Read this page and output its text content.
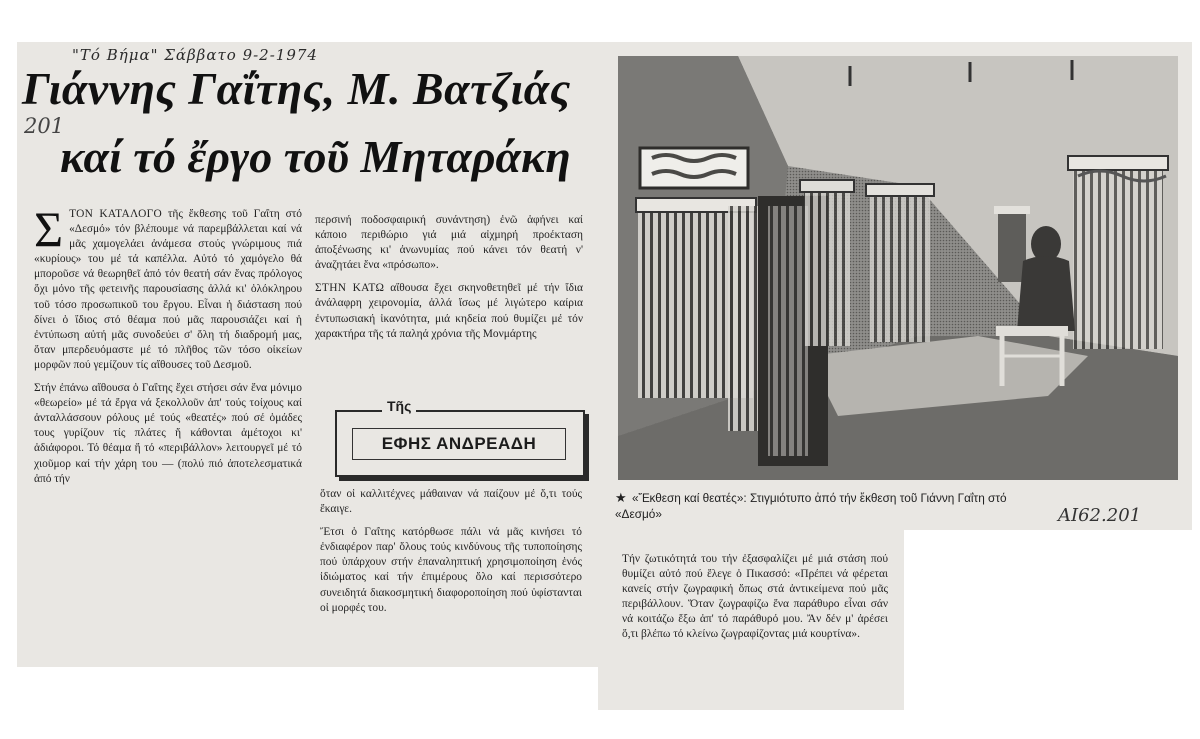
"Τό Βήμα" Σάββατο 9-2-1974
201
ΑΙ62.201
Γιάννης Γαΐτης, Μ. Βατζιάς
καί τό ἔργο τοῦ Μηταράκη

ΣΤΟΝ ΚΑΤΑΛΟΓΟ τῆς ἔκθεσης τοῦ Γαΐτη στό «Δεσμό» τόν βλέπουμε νά παρεμβάλλεται καί νά μᾶς χαμογελάει ἀνάμεσα στούς γνώριμους πιά «κυρίους» του μέ τά καπέλλα. Αὐτό τό χαμόγελο θά μποροῦσε νά θεωρηθεῖ ἀπό τόν θεατή σάν ἕνας πρόλογος ὄχι μόνο τῆς φετεινῆς παρουσίασης ἀλλά κι' ὁλόκληρου τοῦ τόσο προσωπικοῦ του ἔργου. Εἶναι ἡ διάσταση πού δίνει ὁ ἴδιος στό θέαμα πού μᾶς παρουσιάζει καί ἡ ἐντύπωση αὐτή μᾶς συνοδεύει σ' ὅλη τή διαδρομή μας, ὅταν μπερδευόμαστε μέ τό πλῆθος τῶν τόσο οἰκείων μορφῶν πού γεμίζουν τίς αἴθουσες τοῦ Δεσμοῦ.

Στήν ἐπάνω αἴθουσα ὁ Γαΐτης ἔχει στήσει σάν ἕνα μόνιμο «θεωρείο» μέ τά ἔργα νά ξεκολλοῦν ἀπ' τούς τοίχους καί ἀνταλλάσσουν ρόλους μέ τούς «θεατές» πού σέ ὁμάδες τους γυρίζουν τίς πλάτες ἤ κάθονται ἀμέτοχοι κι' ἀδιάφοροι. Τό θέαμα ἤ τό «περιβάλλον» λειτουργεῖ μέ τό χιοῦμορ καί τήν χάρη του — (πολύ πιό ἀποτελεσματικά ἀπό τήν

περσινή ποδοσφαιρική συνάντηση) ἐνῶ ἀφήνει καί κάποιο περιθώριο γιά μιά αἰχμηρή προέκταση ἀποξένωσης κι' ἀνωνυμίας πού κάνει τόν θεατή ν' ἀναζητάει ἕνα «πρόσωπο».

ΣΤΗΝ ΚΑΤΩ αἴθουσα ἔχει σκηνοθετηθεῖ μέ τήν ἴδια ἀνάλαφρη χειρονομία, ἀλλά ἴσως μέ λιγώτερο καίρια ἐντυπωσιακή ἱκανότητα, μιά κηδεία πού θυμίζει μέ τόν χαρακτήρα τῆς τά παληά χρόνια τῆς Μονμάρτης

Τῆς
ΕΦΗΣ ΑΝΔΡΕΑΔΗ

ὅταν οἱ καλλιτέχνες μάθαιναν νά παίζουν μέ ὅ,τι τούς ἔκαιγε.

Ἔτσι ὁ Γαΐτης κατόρθωσε πάλι νά μᾶς κινήσει τό ἐνδιαφέρον παρ' ὅλους τούς κινδύνους τῆς τυποποίησης πού ὑπάρχουν στήν ἐπαναληπτική χρησιμοποίηση ἑνός ἰδιώματος καί τήν ἐπιμέρους ὅλο καί περισσότερο συνειδητά διακοσμητική διαφοροποίηση πού ὑφίστανται οἱ μορφές του.

★ «Ἔκθεση καί θεατές»: Στιγμιότυπο ἀπό τήν ἔκθεση τοῦ Γιάννη Γαΐτη στό «Δεσμό»

Τήν ζωτικότητά του τήν ἐξασφαλίζει μέ μιά στάση πού θυμίζει αὐτό πού ἔλεγε ὁ Πικασσό: «Πρέπει νά φέρεται κανείς στήν ζωγραφική ὅπως στά ἀντικείμενα πού μᾶς περιβάλλουν. Ὅταν ζωγραφίζω ἕνα παράθυρο εἶναι σάν νά κοιτάζω ἔξω ἀπ' τό παράθυρό μου. Ἄν δέν μ' ἀρέσει ὅ,τι βλέπω τό κλείνω ζωγραφίζοντας μιά κουρτίνα».
